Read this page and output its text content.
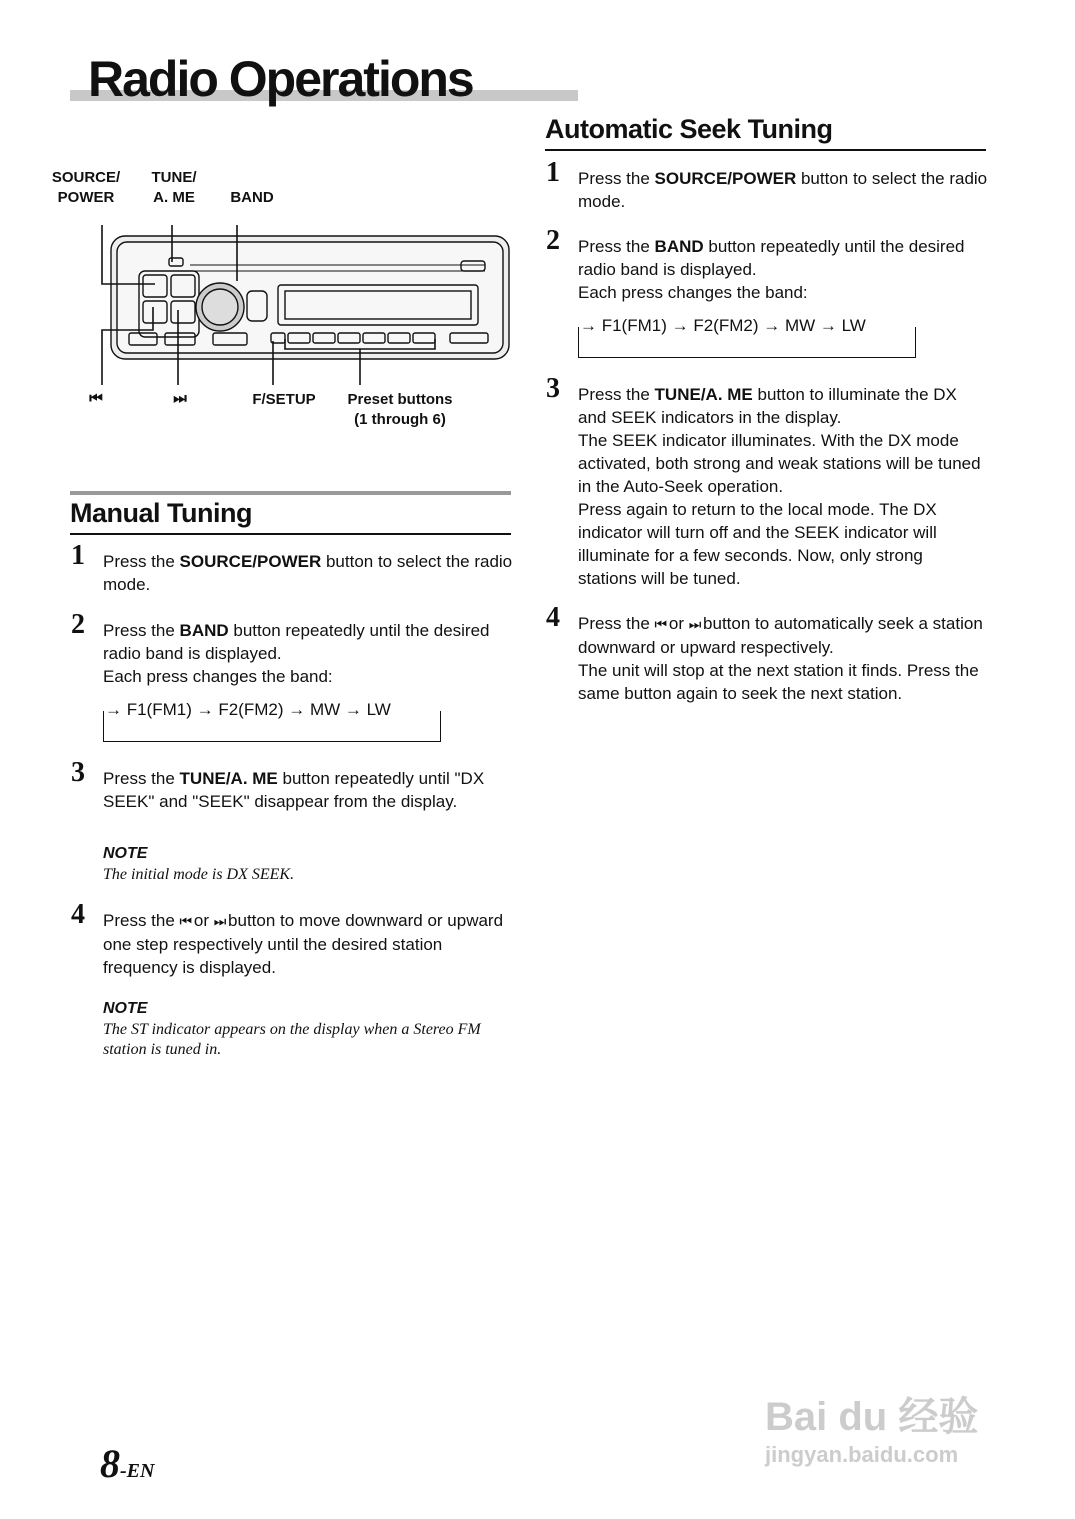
Radio Operations
SOURCE/
POWER
TUNE/
A. ME	BAND
⏮	⏭	F/SETUP	Preset buttons
(1 through 6)
Manual Tuning
1 Press the SOURCE/POWER button to select the radio mode.
2 Press the BAND button repeatedly until the desired radio band is displayed.
Each press changes the band:
→ F1(FM1) → F2(FM2) → MW → LW
3 Press the TUNE/A. ME button repeatedly until "DX SEEK" and "SEEK" disappear from the display.
NOTE
The initial mode is DX SEEK.
4 Press the ⏮ or ⏭ button to move downward or upward one step respectively until the desired station frequency is displayed.
NOTE
The ST indicator appears on the display when a Stereo FM station is tuned in.
Automatic Seek Tuning
1 Press the SOURCE/POWER button to select the radio mode.
2 Press the BAND button repeatedly until the desired radio band is displayed.
Each press changes the band:
→ F1(FM1) → F2(FM2) → MW → LW
3 Press the TUNE/A. ME button to illuminate the DX and SEEK indicators in the display.
The SEEK indicator illuminates. With the DX mode activated, both strong and weak stations will be tuned in the Auto-Seek operation.
Press again to return to the local mode. The DX indicator will turn off and the SEEK indicator will illuminate for a few seconds. Now, only strong stations will be tuned.
4 Press the ⏮ or ⏭ button to automatically seek a station downward or upward respectively.
The unit will stop at the next station it finds. Press the same button again to seek the next station.
8-EN
Bai du 经验
jingyan.baidu.com
